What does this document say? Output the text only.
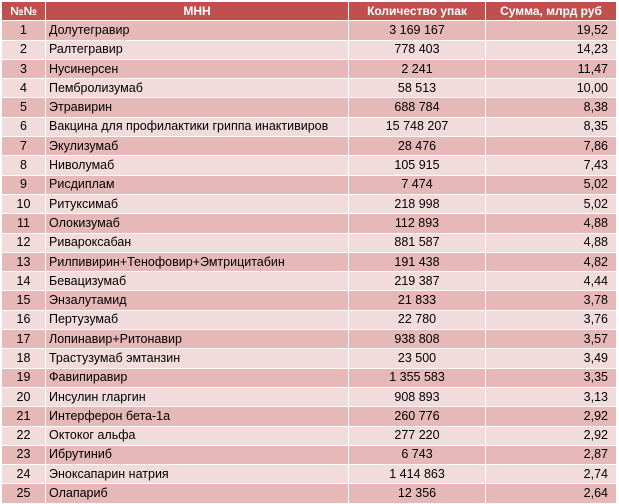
№№	МНН	Количество упак	Сумма, млрд руб
1	Долутегравир	3 169 167	19,52
2	Ралтегравир	778 403	14,23
3	Нусинерсен	2 241	11,47
4	Пембролизумаб	58 513	10,00
5	Этравирин	688 784	8,38
6	Вакцина для профилактики гриппа инактивиров	15 748 207	8,35
7	Экулизумаб	28 476	7,86
8	Ниволумаб	105 915	7,43
9	Рисдиплам	7 474	5,02
10	Ритуксимаб	218 998	5,02
11	Олокизумаб	112 893	4,88
12	Ривароксабан	881 587	4,88
13	Рилпивирин+Тенофовир+Эмтрицитабин	191 438	4,82
14	Бевацизумаб	219 387	4,44
15	Энзалутамид	21 833	3,78
16	Пертузумаб	22 780	3,76
17	Лопинавир+Ритонавир	938 808	3,57
18	Трастузумаб эмтанзин	23 500	3,49
19	Фавипиравир	1 355 583	3,35
20	Инсулин гларгин	908 893	3,13
21	Интерферон бета-1а	260 776	2,92
22	Октоког альфа	277 220	2,92
23	Ибрутиниб	6 743	2,87
24	Эноксапарин натрия	1 414 863	2,74
25	Олапариб	12 356	2,64
